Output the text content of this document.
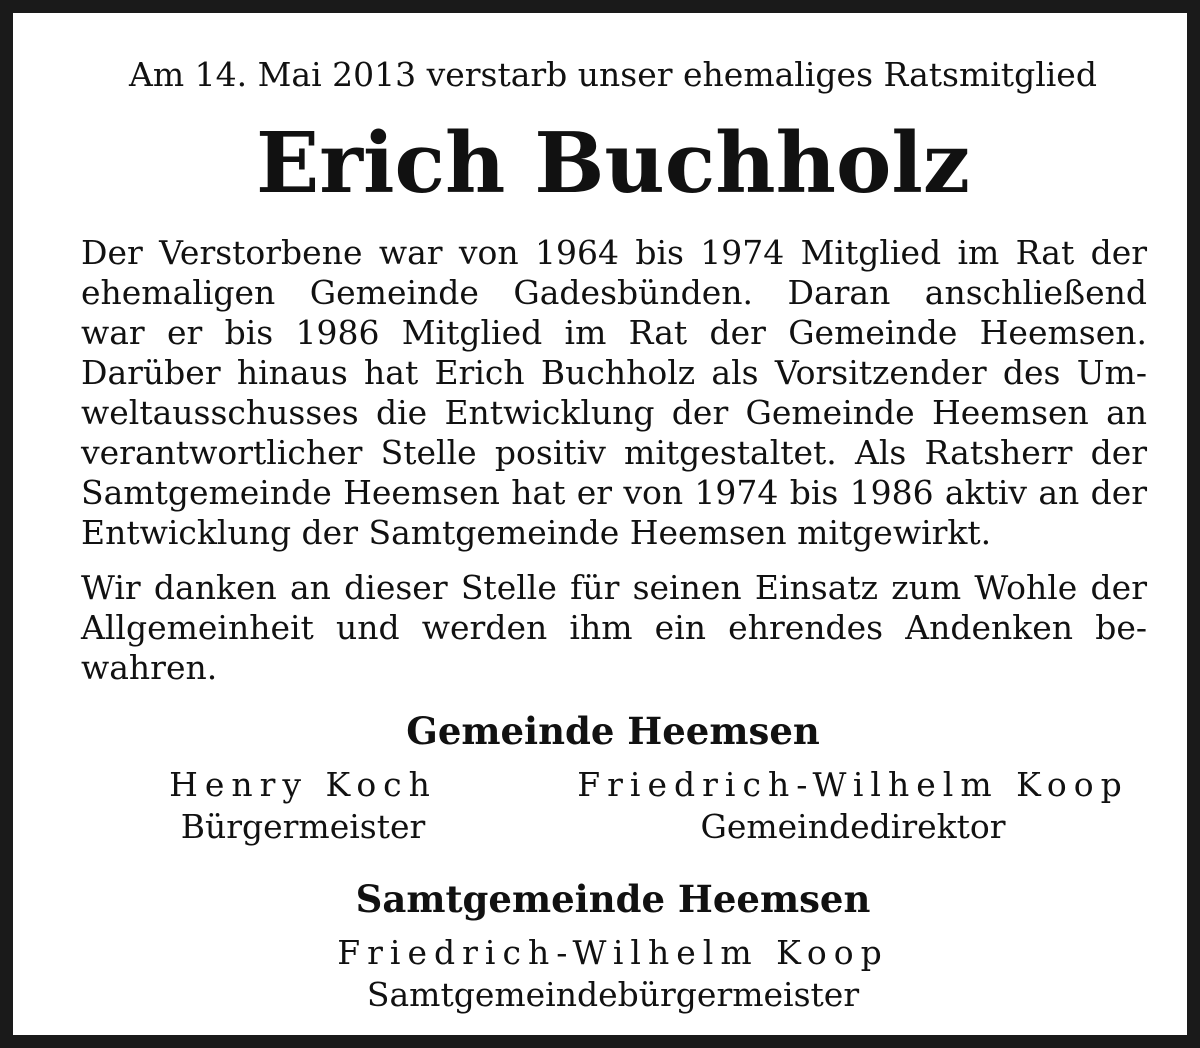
Am 14. Mai 2013 verstarb unser ehemaliges Ratsmitglied
Erich Buchholz
Der Verstorbene war von 1964 bis 1974 Mitglied im Rat der
ehemaligen Gemeinde Gadesbünden. Daran anschließend
war er bis 1986 Mitglied im Rat der Gemeinde Heemsen.
Darüber hinaus hat Erich Buchholz als Vorsitzender des Um-
weltausschusses die Entwicklung der Gemeinde Heemsen an
verantwortlicher Stelle positiv mitgestaltet. Als Ratsherr der
Samtgemeinde Heemsen hat er von 1974 bis 1986 aktiv an der
Entwicklung der Samtgemeinde Heemsen mitgewirkt.
Wir danken an dieser Stelle für seinen Einsatz zum Wohle der
Allgemeinheit und werden ihm ein ehrendes Andenken be-
wahren.
Gemeinde Heemsen
Henry Koch
Bürgermeister
Friedrich-Wilhelm Koop
Gemeindedirektor
Samtgemeinde Heemsen
Friedrich-Wilhelm Koop
Samtgemeindebürgermeister
